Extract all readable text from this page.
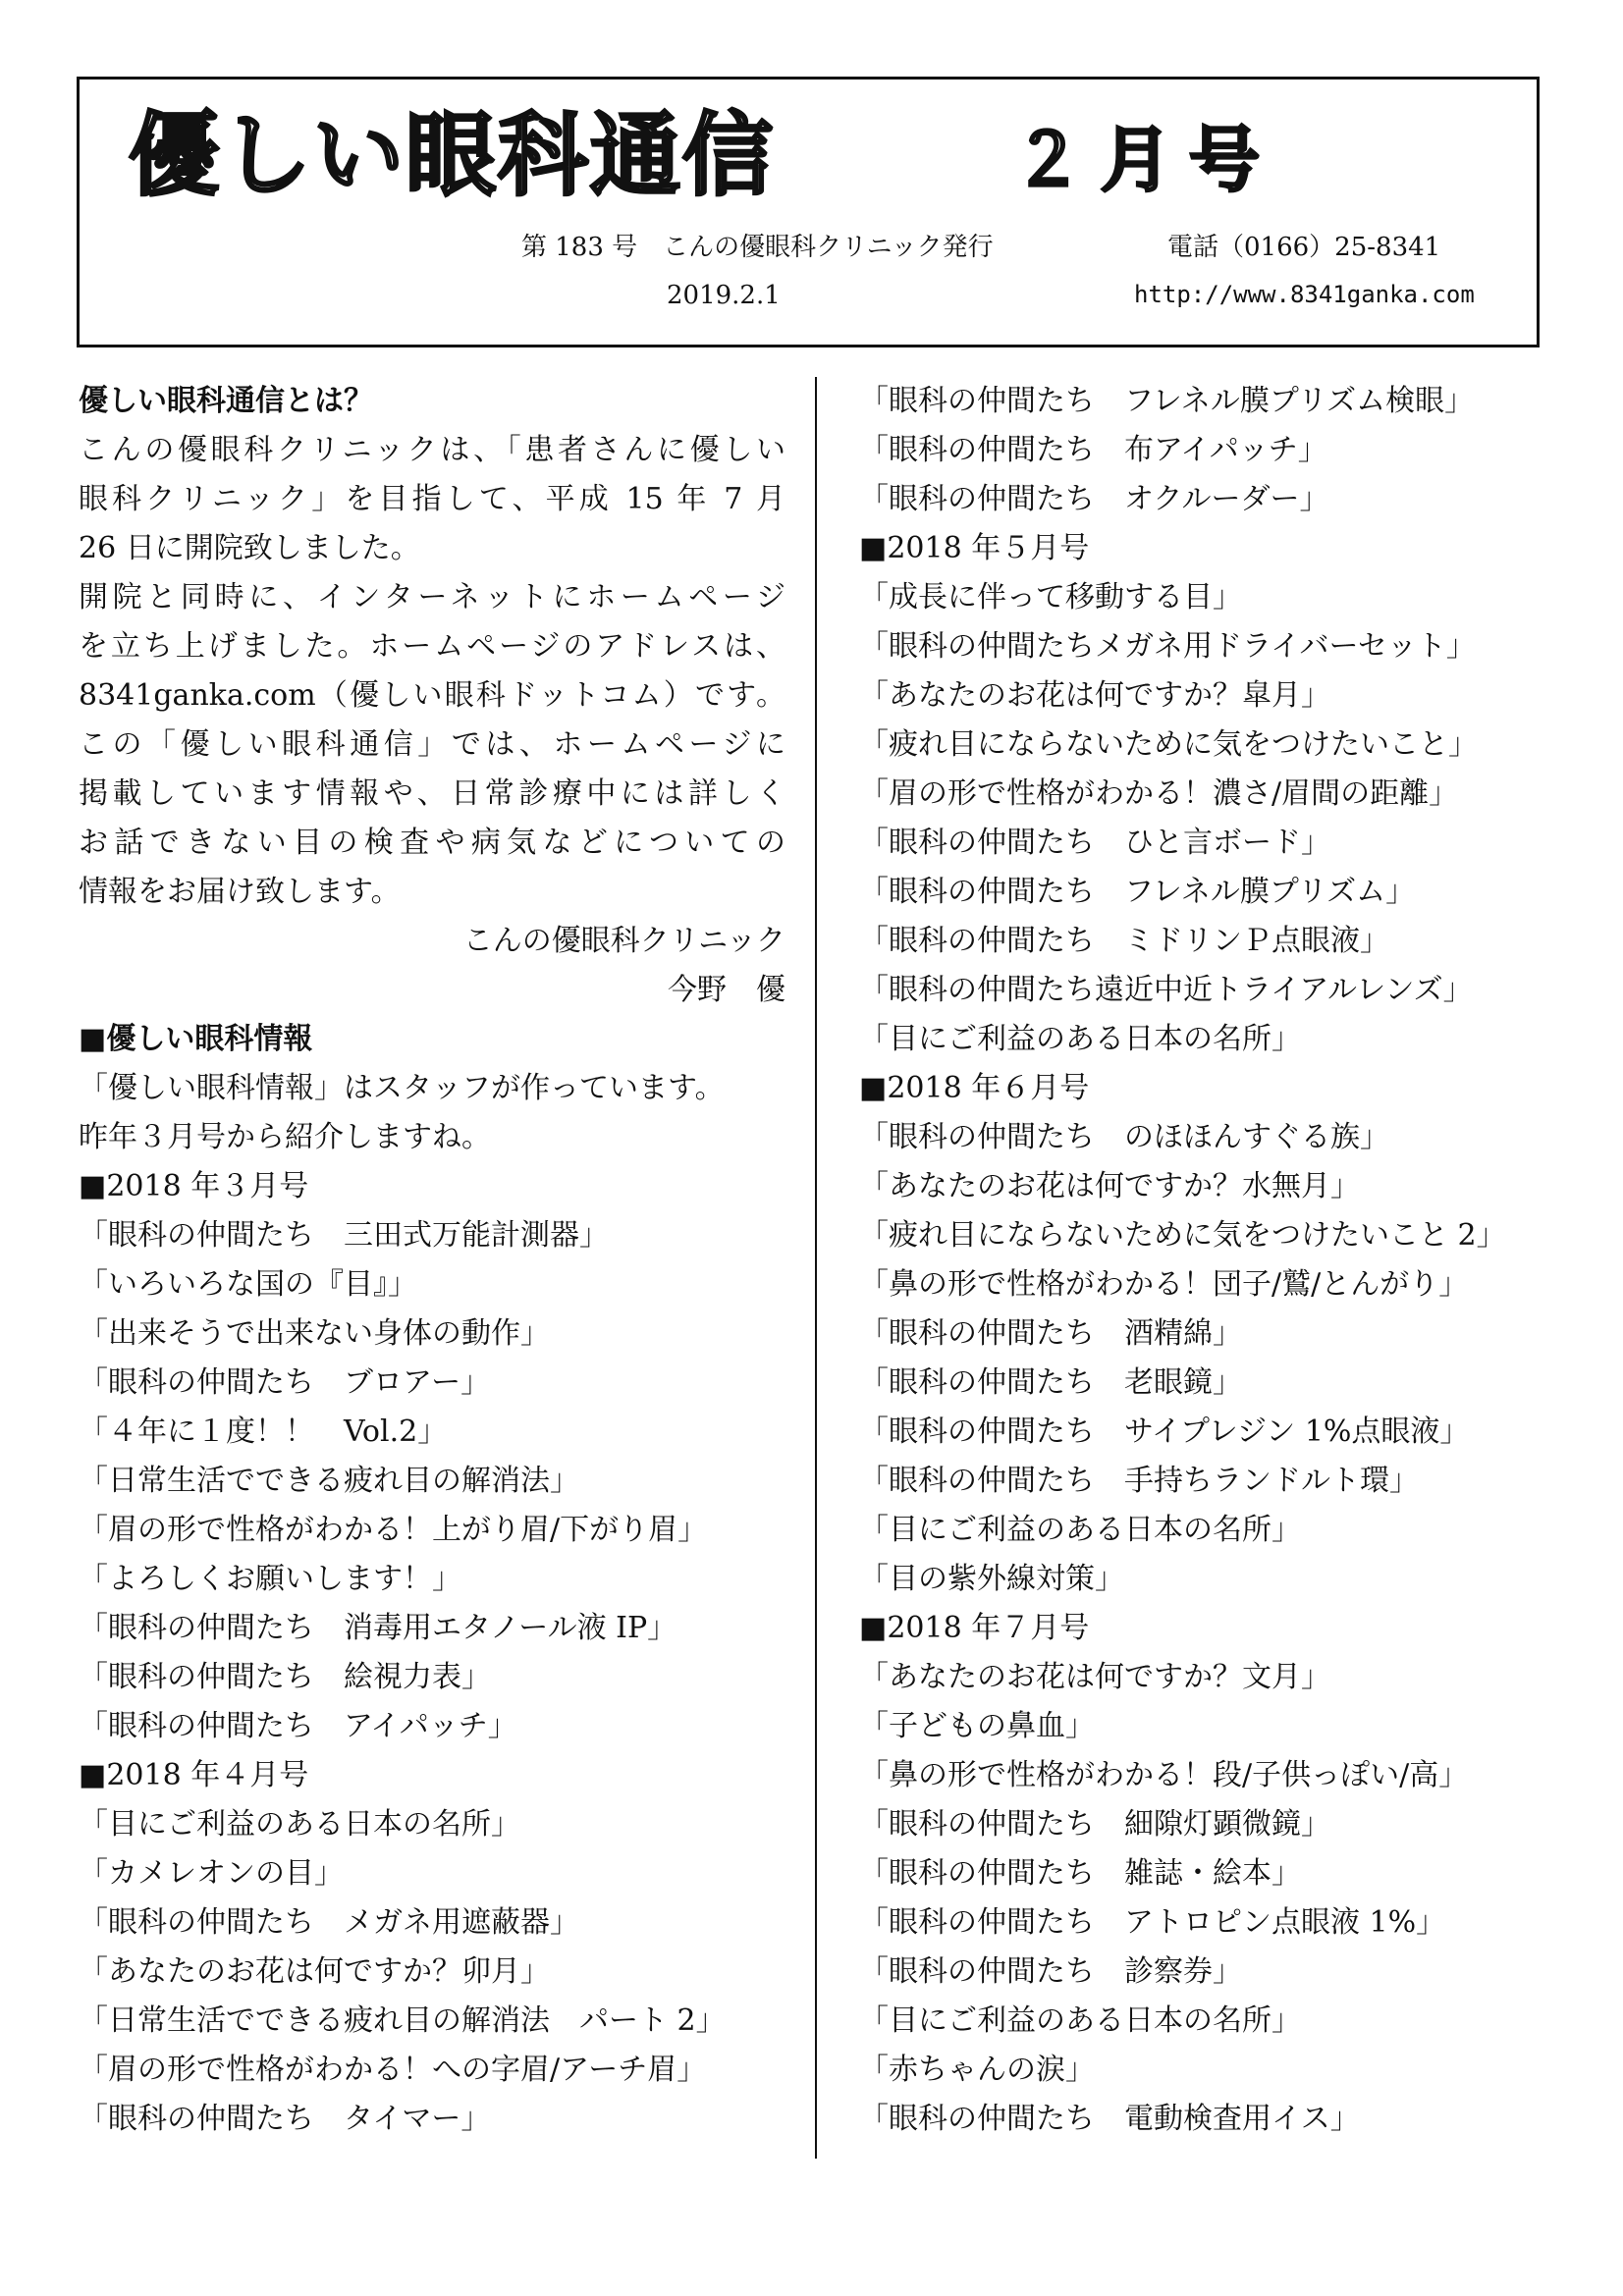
優しい眼科通信	２月号
第 183 号　こんの優眼科クリニック発行	電話（0166）25-8341
2019.2.1	http://www.8341ganka.com
優しい眼科通信とは？
こんの優眼科クリニックは、「患者さんに優しい
眼科クリニック」を目指して、平成 15 年 7 月
26 日に開院致しました。
開院と同時に、インターネットにホームページ
を立ち上げました。ホームページのアドレスは、
8341ganka.com（優しい眼科ドットコム）です。
この「優しい眼科通信」では、ホームページに
掲載しています情報や、日常診療中には詳しく
お話できない目の検査や病気などについての
情報をお届け致します。
こんの優眼科クリニック
今野　優
■優しい眼科情報
「優しい眼科情報」はスタッフが作っています。
昨年３月号から紹介しますね。
■2018 年３月号
「眼科の仲間たち　三田式万能計測器」
「いろいろな国の『目』」
「出来そうで出来ない身体の動作」
「眼科の仲間たち　ブロアー」
「４年に１度！！　Vol.2」
「日常生活でできる疲れ目の解消法」
「眉の形で性格がわかる！上がり眉/下がり眉」
「よろしくお願いします！」
「眼科の仲間たち　消毒用エタノール液 IP」
「眼科の仲間たち　絵視力表」
「眼科の仲間たち　アイパッチ」
■2018 年４月号
「目にご利益のある日本の名所」
「カメレオンの目」
「眼科の仲間たち　メガネ用遮蔽器」
「あなたのお花は何ですか？卯月」
「日常生活でできる疲れ目の解消法　パート 2」
「眉の形で性格がわかる！への字眉/アーチ眉」
「眼科の仲間たち　タイマー」
「眼科の仲間たち　フレネル膜プリズム検眼」
「眼科の仲間たち　布アイパッチ」
「眼科の仲間たち　オクルーダー」
■2018 年５月号
「成長に伴って移動する目」
「眼科の仲間たちメガネ用ドライバーセット」
「あなたのお花は何ですか？皐月」
「疲れ目にならないために気をつけたいこと」
「眉の形で性格がわかる！濃さ/眉間の距離」
「眼科の仲間たち　ひと言ボード」
「眼科の仲間たち　フレネル膜プリズム」
「眼科の仲間たち　ミドリンＰ点眼液」
「眼科の仲間たち遠近中近トライアルレンズ」
「目にご利益のある日本の名所」
■2018 年６月号
「眼科の仲間たち　のほほんすぐる族」
「あなたのお花は何ですか？水無月」
「疲れ目にならないために気をつけたいこと 2」
「鼻の形で性格がわかる！団子/鷲/とんがり」
「眼科の仲間たち　酒精綿」
「眼科の仲間たち　老眼鏡」
「眼科の仲間たち　サイプレジン 1%点眼液」
「眼科の仲間たち　手持ちランドルト環」
「目にご利益のある日本の名所」
「目の紫外線対策」
■2018 年７月号
「あなたのお花は何ですか？文月」
「子どもの鼻血」
「鼻の形で性格がわかる！段/子供っぽい/高」
「眼科の仲間たち　細隙灯顕微鏡」
「眼科の仲間たち　雑誌・絵本」
「眼科の仲間たち　アトロピン点眼液 1%」
「眼科の仲間たち　診察券」
「目にご利益のある日本の名所」
「赤ちゃんの涙」
「眼科の仲間たち　電動検査用イス」
